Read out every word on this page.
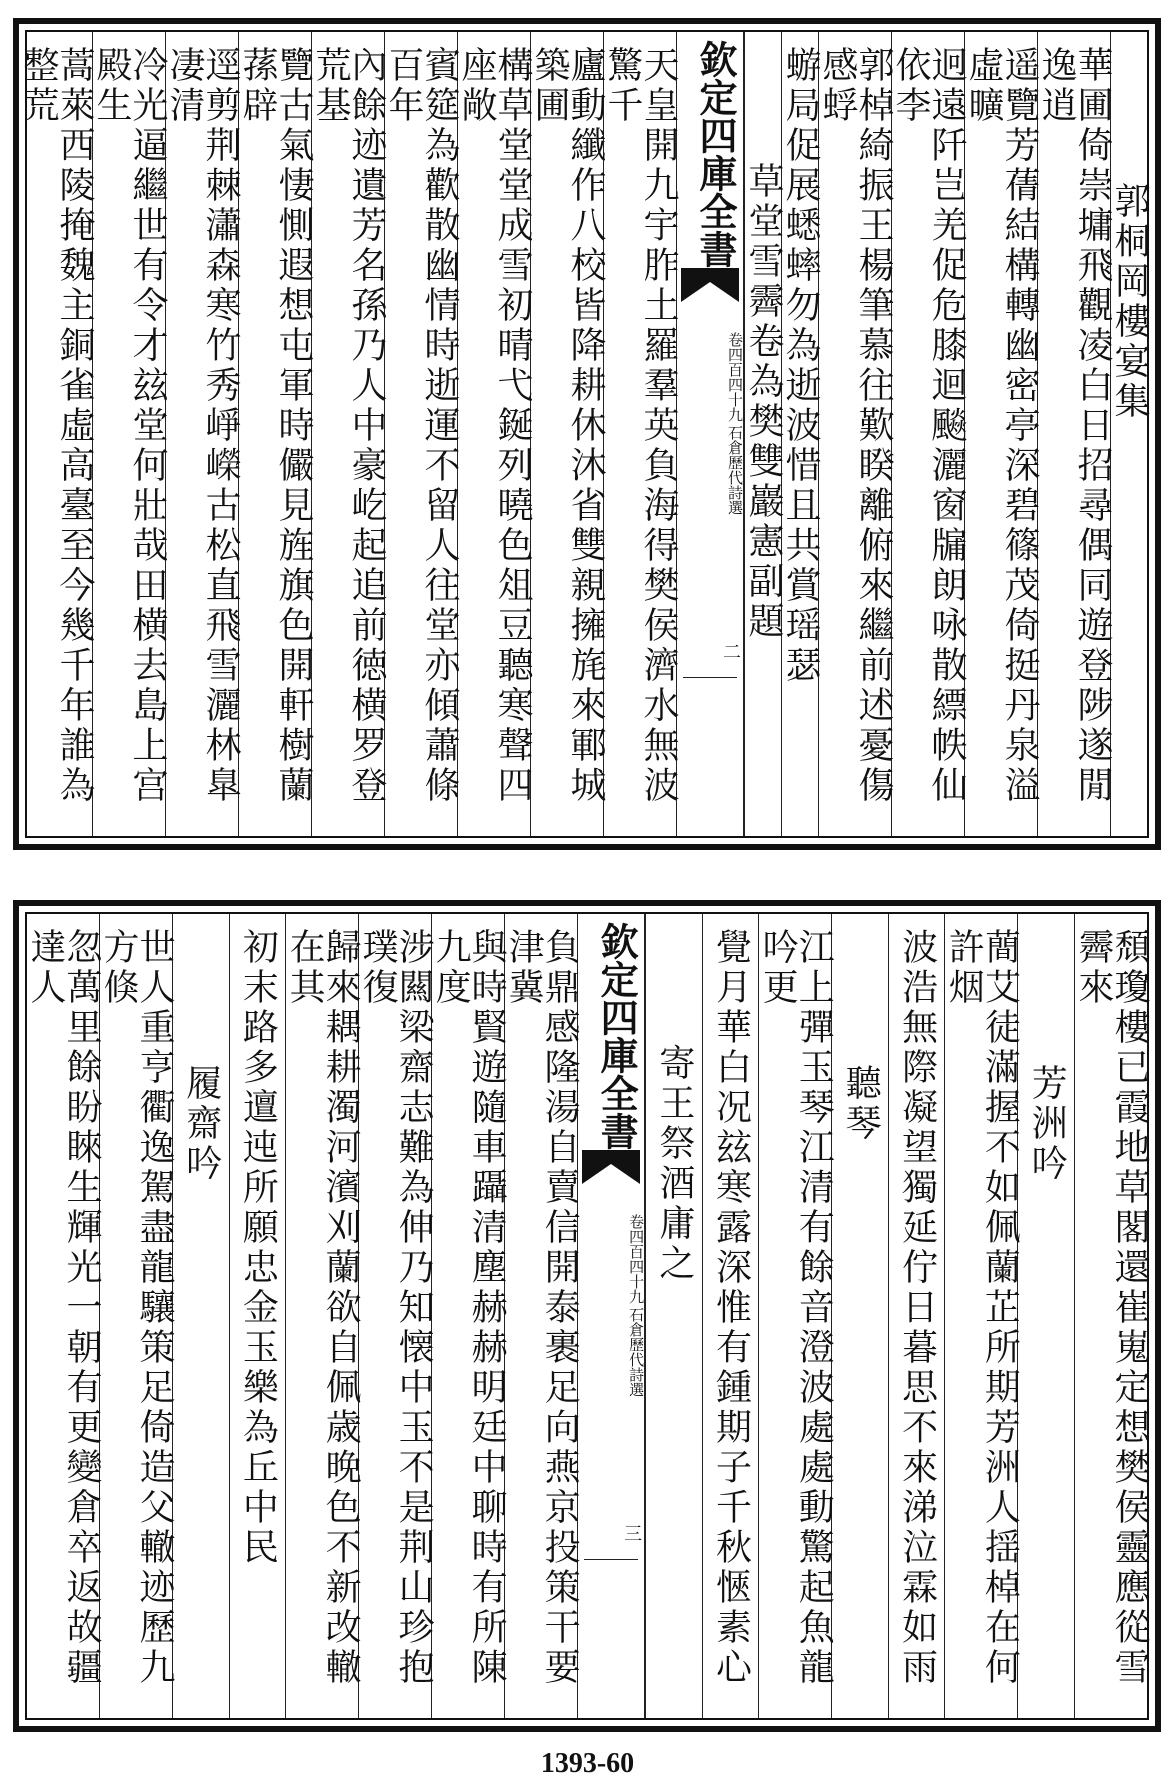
郭桐岡樓宴集
華圃倚崇墉飛觀凌白日招尋偶同遊登陟遂閒逸逍
遥覽芳蒨結構轉幽密亭深碧篠茂倚挺丹泉溢虛曠
迥遠阡岂羌促危膝迴飈灑窗牖朗咏散縹帙仙依李
郭棹綺振王楊筆慕往歎睽離俯來繼前述憂傷感蜉
蝣局促展蟋蟀勿為逝波惜且共賞瑶瑟
草堂雪霽卷為樊雙巖憲副題
欽定四庫全書
石倉歷代詩選
卷四百四十九
二
天皇開九宇胙土羅羣英負海得樊侯濟水無波驚千
廬動纖作八校皆降耕休沐省雙親擁旄來鄆城築圃
構草堂堂成雪初晴弋鋋列曉色俎豆聽寒聲四座敞
賓筵為歡散幽情時逝運不留人往堂亦傾蕭條百年
內餘迹遺芳名孫乃人中豪屹起追前徳横罗登荒基
覽古氣悽惻遐想屯軍時儼見旌旗色開軒樹蘭蓀辟
逕剪荆棘瀟森寒竹秀崢嶸古松直飛雪灑林臯凄清
冷光逼繼世有令才玆堂何壯哉田横去島上宫殿生
蒿萊西陵掩魏主銅雀虛高臺至今幾千年誰為整荒
頹瓊樓已霞地草閣還崔嵬定想樊侯靈應從雪霽來
芳洲吟
蕳艾徒滿握不如佩蘭芷所期芳洲人揺棹在何許烟
波浩無際凝望獨延佇日暮思不來涕泣霖如雨
聽琴
江上彈玉琴江清有餘音澄波處處動驚起魚龍吟更
覺月華白况玆寒露深惟有鍾期子千秋愜素心
寄王祭酒庸之
欽定四庫全書
石倉歷代詩選
卷四百四十九
三
負鼎感隆湯自賣信開泰裹足向燕京投策干要津冀
與時賢遊隨車躡清塵赫赫明廷中聊時有所陳九度
涉闗梁齋志難為伸乃知懐中玉不是荆山珍抱璞復
歸來耦耕濁河濱刈蘭欲自佩歳晚色不新改轍在其
初末路多邅迍所願忠金玉樂為丘中民
履齋吟
世人重亨衢逸駕盡龍驤策足倚造父轍迹歷九方倏
忽萬里餘盼睞生輝光一朝有更變倉卒返故疆達人
1393-60
